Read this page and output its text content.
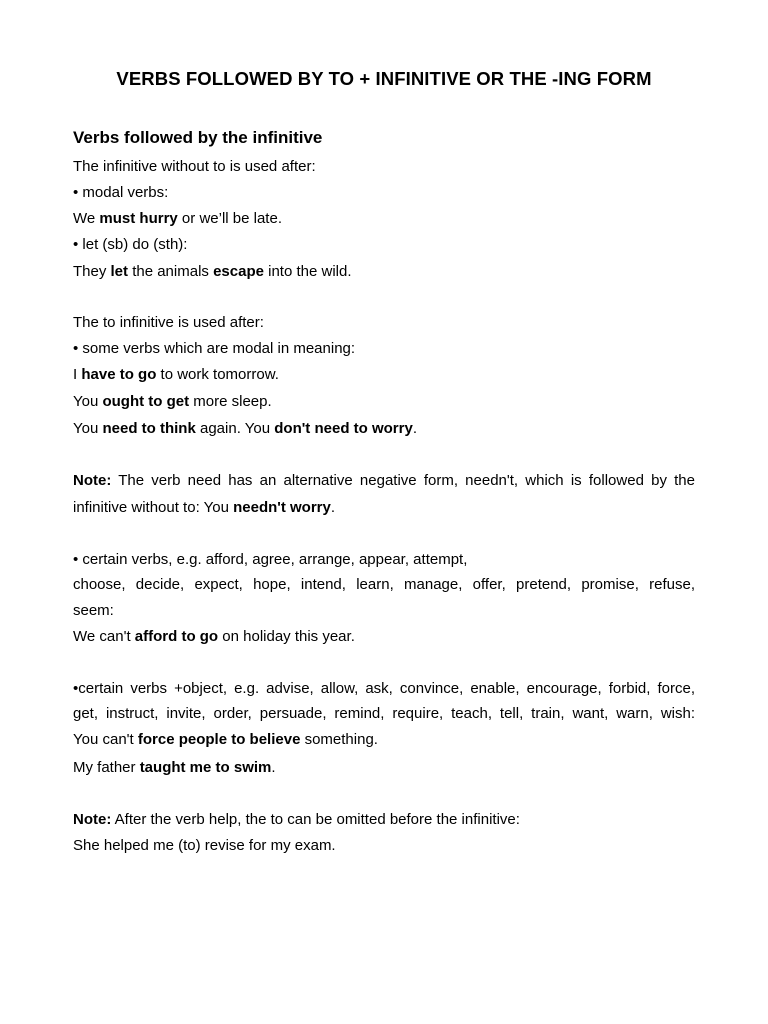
VERBS FOLLOWED BY TO + INFINITIVE OR THE -ING FORM
Verbs followed by the infinitive
The infinitive without to is used after:
• modal verbs:
We must hurry or we’ll be late.
• let (sb) do (sth):
They let the animals escape into the wild.
The to infinitive is used after:
• some verbs which are modal in meaning:
I have to go to work tomorrow.
You ought to get more sleep.
You need to think again. You don't need to worry.
Note: The verb need has an alternative negative form, needn't, which is followed by the
infinitive without to: You needn't worry.
• certain verbs, e.g. afford, agree, arrange, appear, attempt,
choose, decide, expect, hope, intend, learn, manage, offer, pretend, promise, refuse,
seem:
We can't afford to go on holiday this year.
•certain verbs +object, e.g. advise, allow, ask, convince, enable, encourage, forbid, force,
get, instruct, invite, order, persuade, remind, require, teach, tell, train, want, warn, wish:
You can't force people to believe something.
My father taught me to swim.
Note: After the verb help, the to can be omitted before the infinitive:
She helped me (to) revise for my exam.
